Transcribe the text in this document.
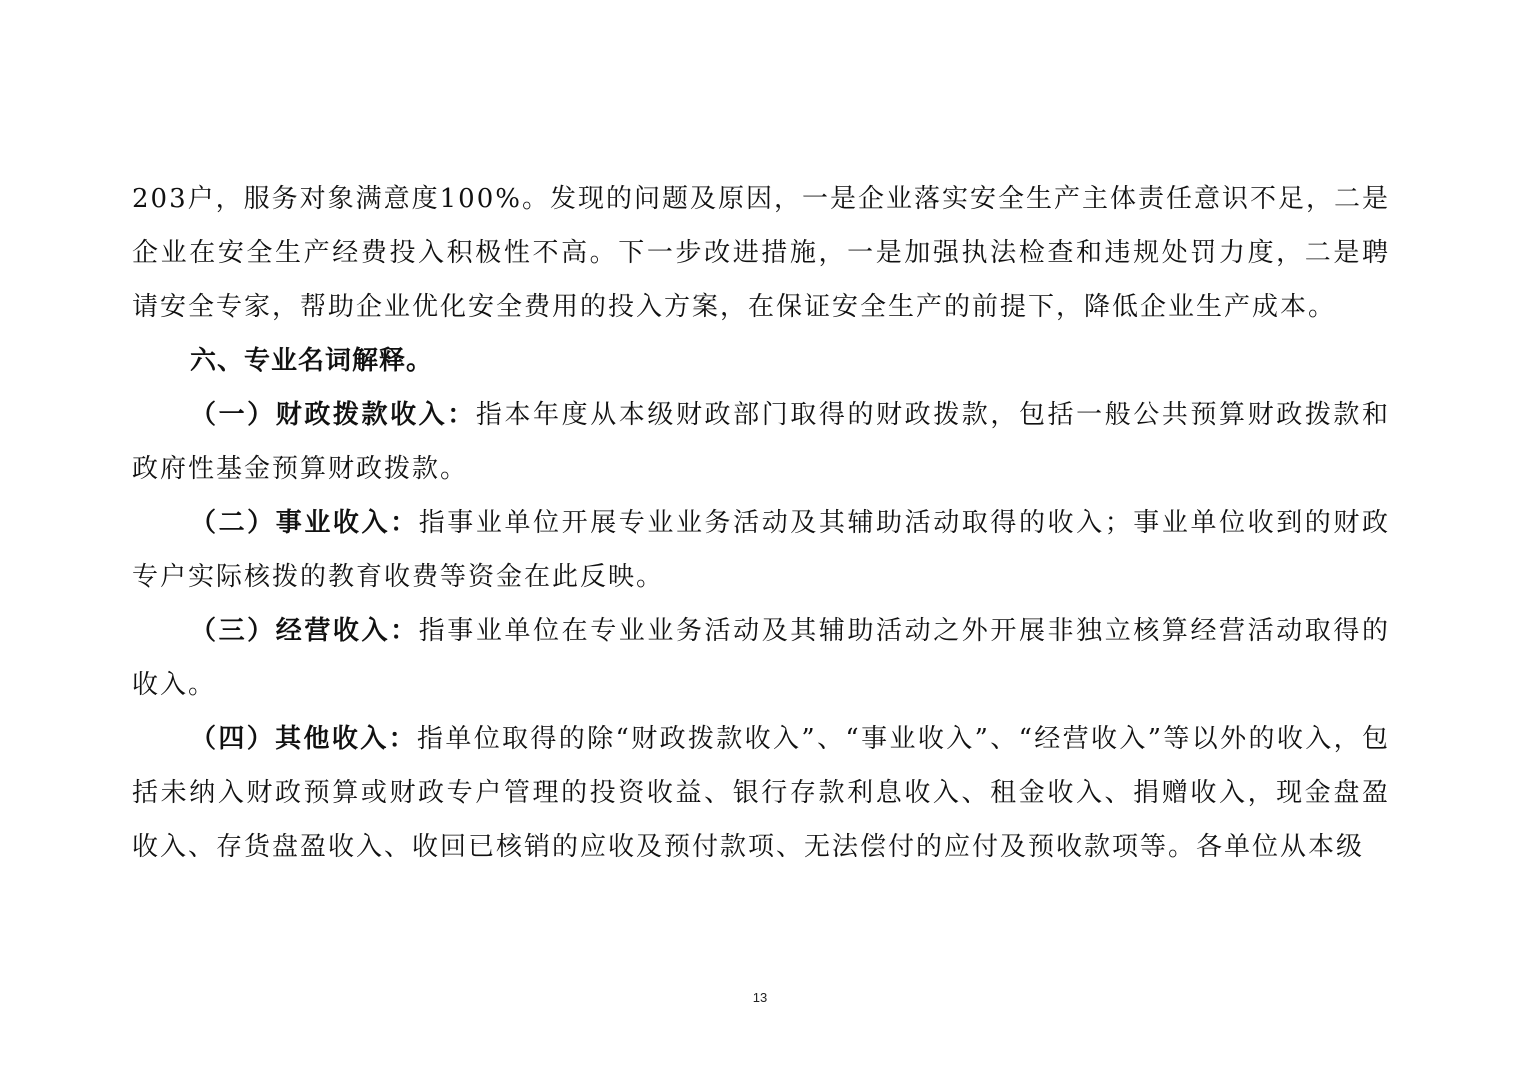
203户，服务对象满意度100%。发现的问题及原因，一是企业落实安全生产主体责任意识不足，二是企业在安全生产经费投入积极性不高。下一步改进措施，一是加强执法检查和违规处罚力度，二是聘请安全专家，帮助企业优化安全费用的投入方案，在保证安全生产的前提下，降低企业生产成本。

六、专业名词解释。

（一）财政拨款收入：指本年度从本级财政部门取得的财政拨款，包括一般公共预算财政拨款和政府性基金预算财政拨款。

（二）事业收入：指事业单位开展专业业务活动及其辅助活动取得的收入；事业单位收到的财政专户实际核拨的教育收费等资金在此反映。

（三）经营收入：指事业单位在专业业务活动及其辅助活动之外开展非独立核算经营活动取得的收入。

（四）其他收入：指单位取得的除“财政拨款收入”、“事业收入”、“经营收入”等以外的收入，包括未纳入财政预算或财政专户管理的投资收益、银行存款利息收入、租金收入、捐赠收入，现金盘盈收入、存货盘盈收入、收回已核销的应收及预付款项、无法偿付的应付及预收款项等。各单位从本级

13
